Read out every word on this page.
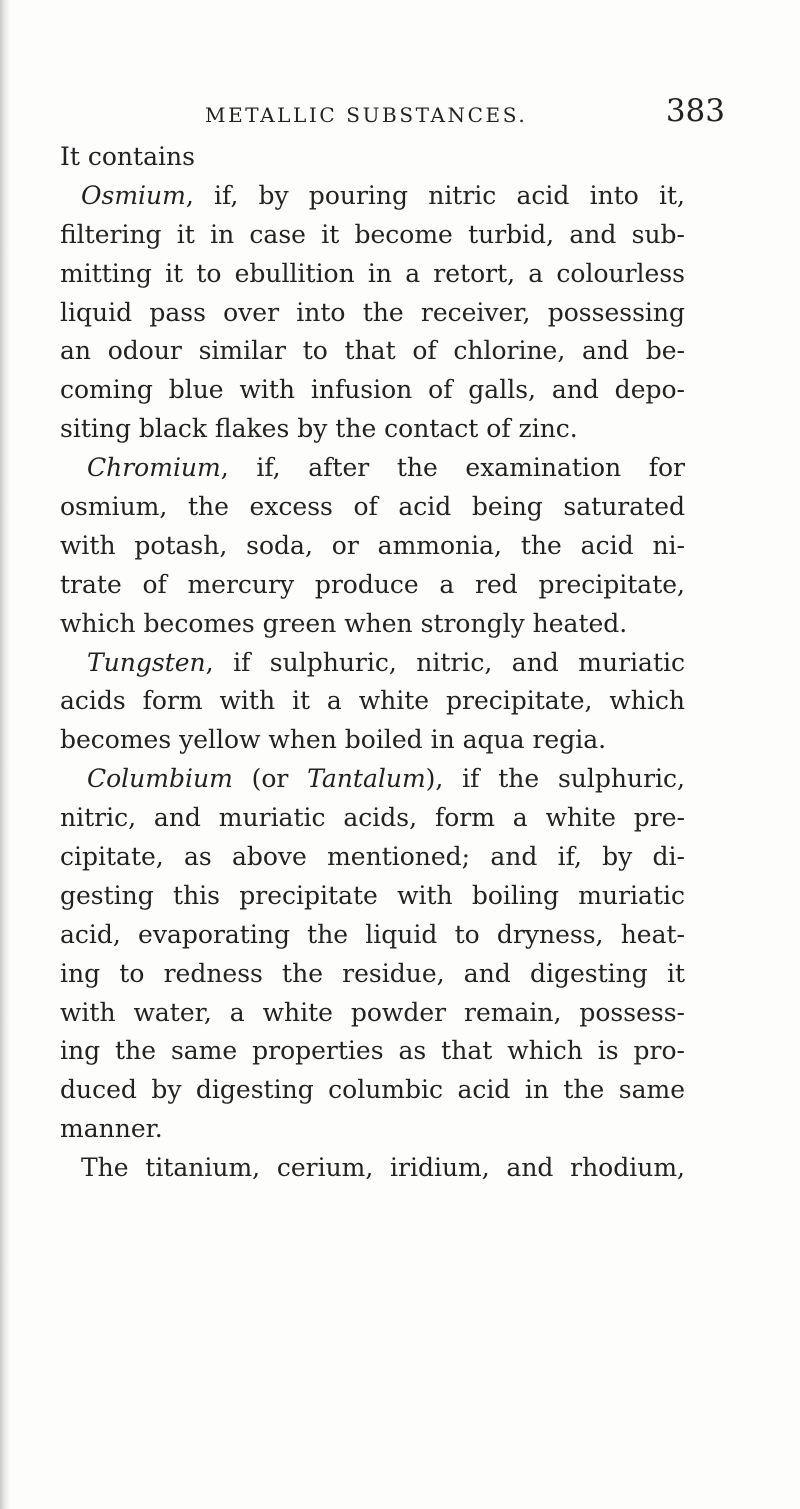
METALLIC SUBSTANCES.	383
It contains
Osmium, if, by pouring nitric acid into it,
filtering it in case it become turbid, and sub-
mitting it to ebullition in a retort, a colourless
liquid pass over into the receiver, possessing
an odour similar to that of chlorine, and be-
coming blue with infusion of galls, and depo-
siting black flakes by the contact of zinc.
Chromium, if, after the examination for
osmium, the excess of acid being saturated
with potash, soda, or ammonia, the acid ni-
trate of mercury produce a red precipitate,
which becomes green when strongly heated.
Tungsten, if sulphuric, nitric, and muriatic
acids form with it a white precipitate, which
becomes yellow when boiled in aqua regia.
Columbium (or Tantalum), if the sulphuric,
nitric, and muriatic acids, form a white pre-
cipitate, as above mentioned; and if, by di-
gesting this precipitate with boiling muriatic
acid, evaporating the liquid to dryness, heat-
ing to redness the residue, and digesting it
with water, a white powder remain, possess-
ing the same properties as that which is pro-
duced by digesting columbic acid in the same
manner.
The titanium, cerium, iridium, and rhodium,
